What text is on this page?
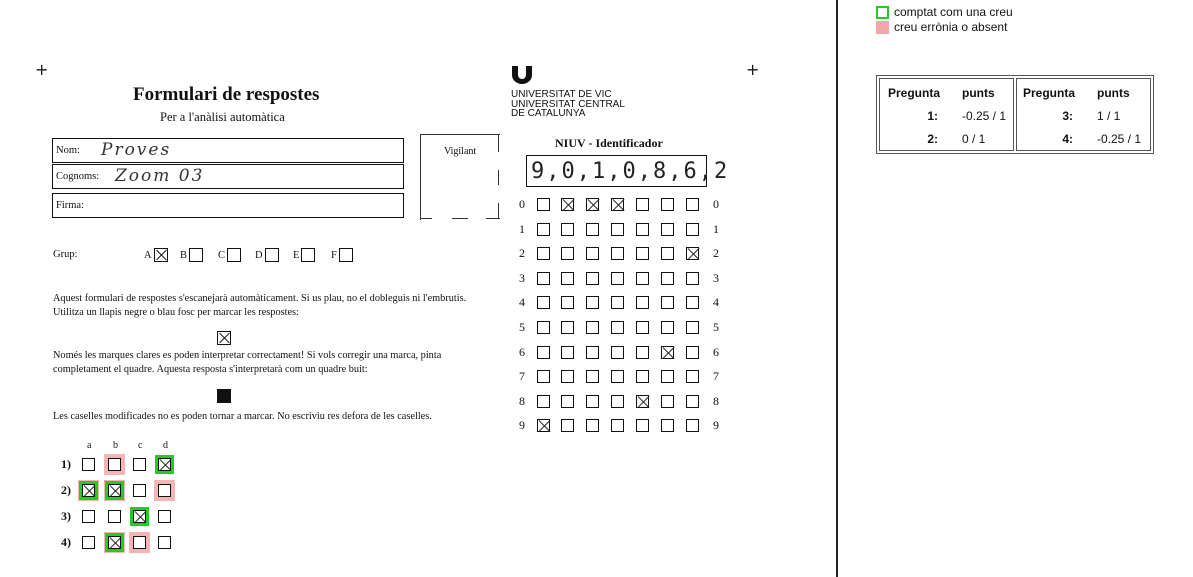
+	+
Formulari de respostes
Per a l'anàlisi automàtica
UNIVERSITAT DE VIC
UNIVERSITAT CENTRAL
DE CATALUNYA
Nom: Proves
Cognoms: Zoom 03
Firma:
Vigilant
NIUV - Identificador
9,0,1,0,8,6,2
0	0
1	1
2	2
3	3
4	4
5	5
6	6
7	7
8	8
9	9
Grup:	A	B	C	D	E	F
Aquest formulari de respostes s'escanejarà automàticament. Si us plau, no el dobleguis ni l'embrutis.
Utilitza un llapis negre o blau fosc per marcar les respostes:
Només les marques clares es poden interpretar correctament! Si vols corregir una marca, pinta
completament el quadre. Aquesta resposta s'interpretarà com un quadre buit:
Les caselles modificades no es poden tornar a marcar. No escriviu res defora de les caselles.
a b c d
1)
2)
3)
4)
comptat com una creu
creu errònia o absent
Pregunta punts
1: -0.25 / 1
2: 0 / 1
Pregunta punts
3: 1 / 1
4: -0.25 / 1
